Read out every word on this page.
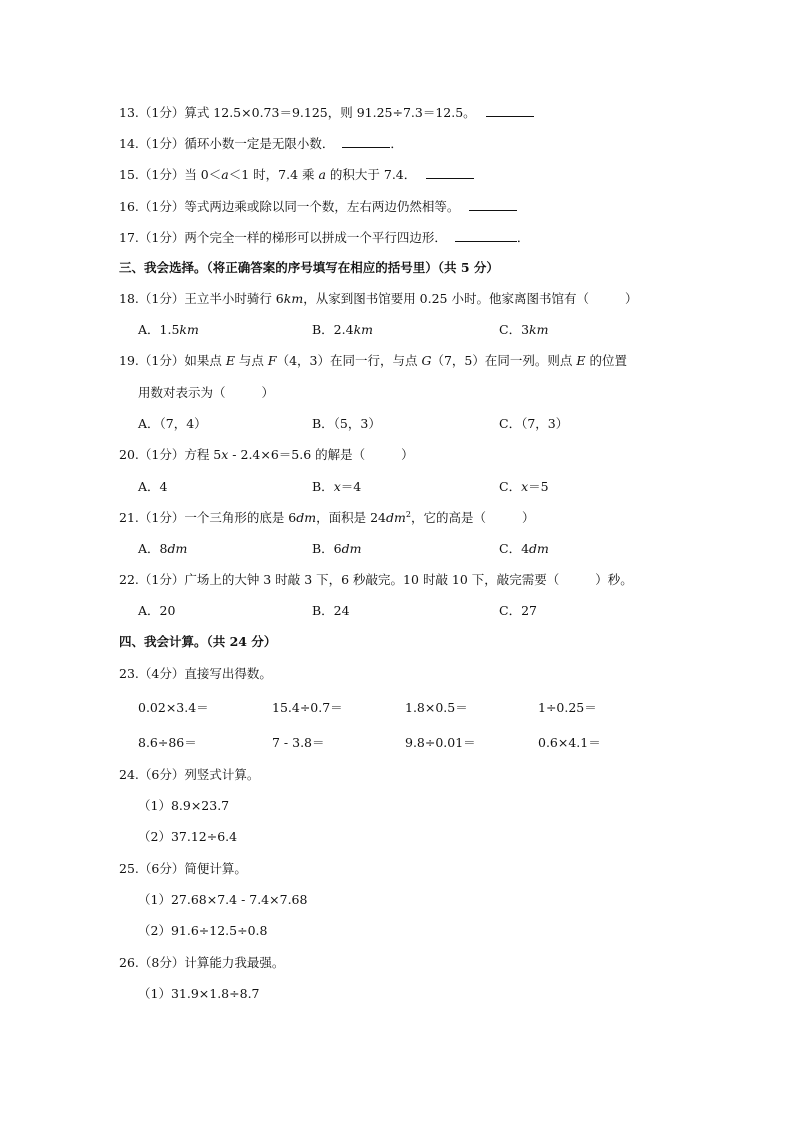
13.（1分）算式 12.5×0.73＝9.125，则 91.25÷7.3＝12.5。
14.（1分）循环小数一定是无限小数．	．
15.（1分）当 0＜a＜1 时，7.4 乘 a 的积大于 7.4．
16.（1分）等式两边乘或除以同一个数，左右两边仍然相等。
17.（1分）两个完全一样的梯形可以拼成一个平行四边形．	．
三、我会选择。（将正确答案的序号填写在相应的括号里）（共 5 分）
18.（1分）王立半小时骑行 6km，从家到图书馆要用 0.25 小时。他家离图书馆有（	）
A．1.5km	B．2.4km	C．3km
19.（1分）如果点 E 与点 F（4，3）在同一行，与点 G（7，5）在同一列。则点 E 的位置
用数对表示为（	）
A．（7，4）	B．（5，3）	C．（7，3）
20.（1分）方程 5x - 2.4×6＝5.6 的解是（	）
A．4	B．x＝4	C．x＝5
21.（1分）一个三角形的底是 6dm，面积是 $24dm^2$，它的高是（	）
A．8dm	B．6dm	C．4dm
22.（1分）广场上的大钟 3 时敲 3 下，6 秒敲完。10 时敲 10 下，敲完需要（	）秒。
A．20	B．24	C．27
四、我会计算。（共 24 分）
23.（4分）直接写出得数。
0.02×3.4＝	15.4÷0.7＝	1.8×0.5＝	1÷0.25＝
8.6÷86＝	7 - 3.8＝	9.8÷0.01＝	0.6×4.1＝
24.（6分）列竖式计算。
（1）8.9×23.7
（2）37.12÷6.4
25.（6分）简便计算。
（1）27.68×7.4 - 7.4×7.68
（2）91.6÷12.5÷0.8
26.（8分）计算能力我最强。
（1）31.9×1.8÷8.7
